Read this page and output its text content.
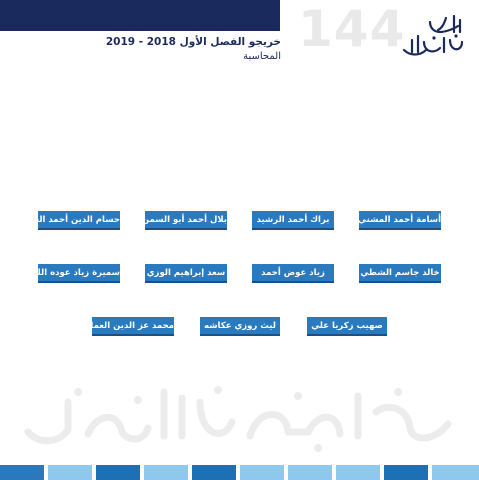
144
خريجو الفصل الأول 2018 - 2019
المحاسبة
أسامة أحمد المشني
براك أحمد الرشيد
بلال أحمد أبو السمن
حسام الدين أحمد الحمود
خالد جاسم الشطي
زياد عوض أحمد
سعد إبراهيم الوزي
سميرة زياد عوده الله
صهيب زكريا علي
ليث روزي عكاشه
محمد عز الدين العمايرة
